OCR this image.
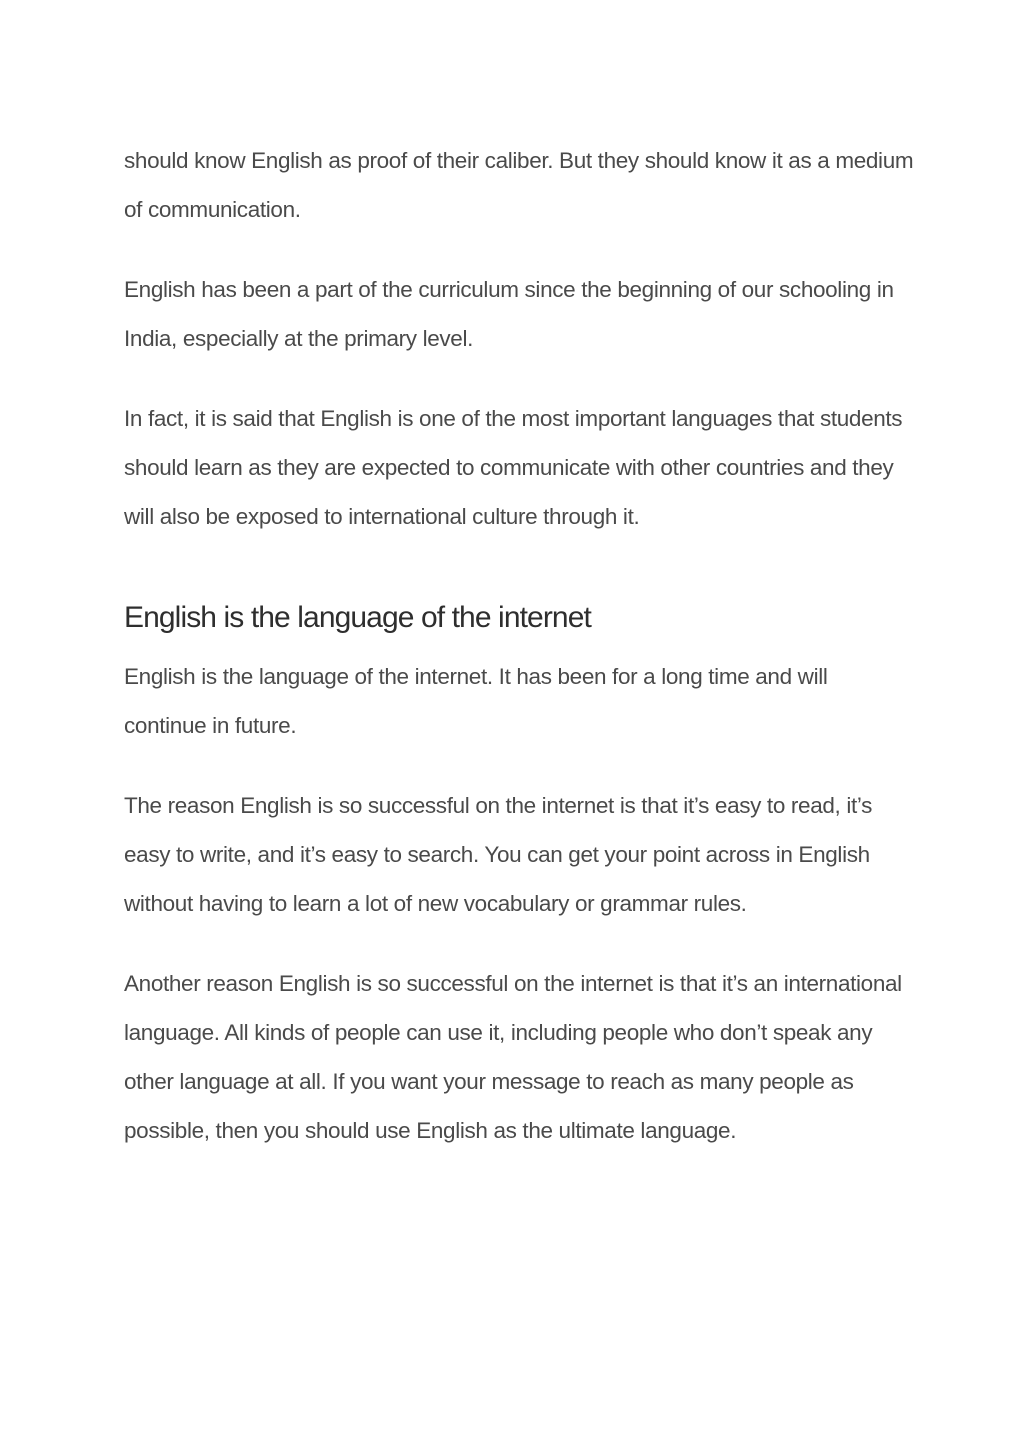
should know English as proof of their caliber. But they should know it as a medium of communication.

English has been a part of the curriculum since the beginning of our schooling in India, especially at the primary level.

In fact, it is said that English is one of the most important languages that students should learn as they are expected to communicate with other countries and they will also be exposed to international culture through it.

English is the language of the internet

English is the language of the internet. It has been for a long time and will continue in future.

The reason English is so successful on the internet is that it’s easy to read, it’s easy to write, and it’s easy to search. You can get your point across in English without having to learn a lot of new vocabulary or grammar rules.

Another reason English is so successful on the internet is that it’s an international language. All kinds of people can use it, including people who don’t speak any other language at all. If you want your message to reach as many people as possible, then you should use English as the ultimate language.
